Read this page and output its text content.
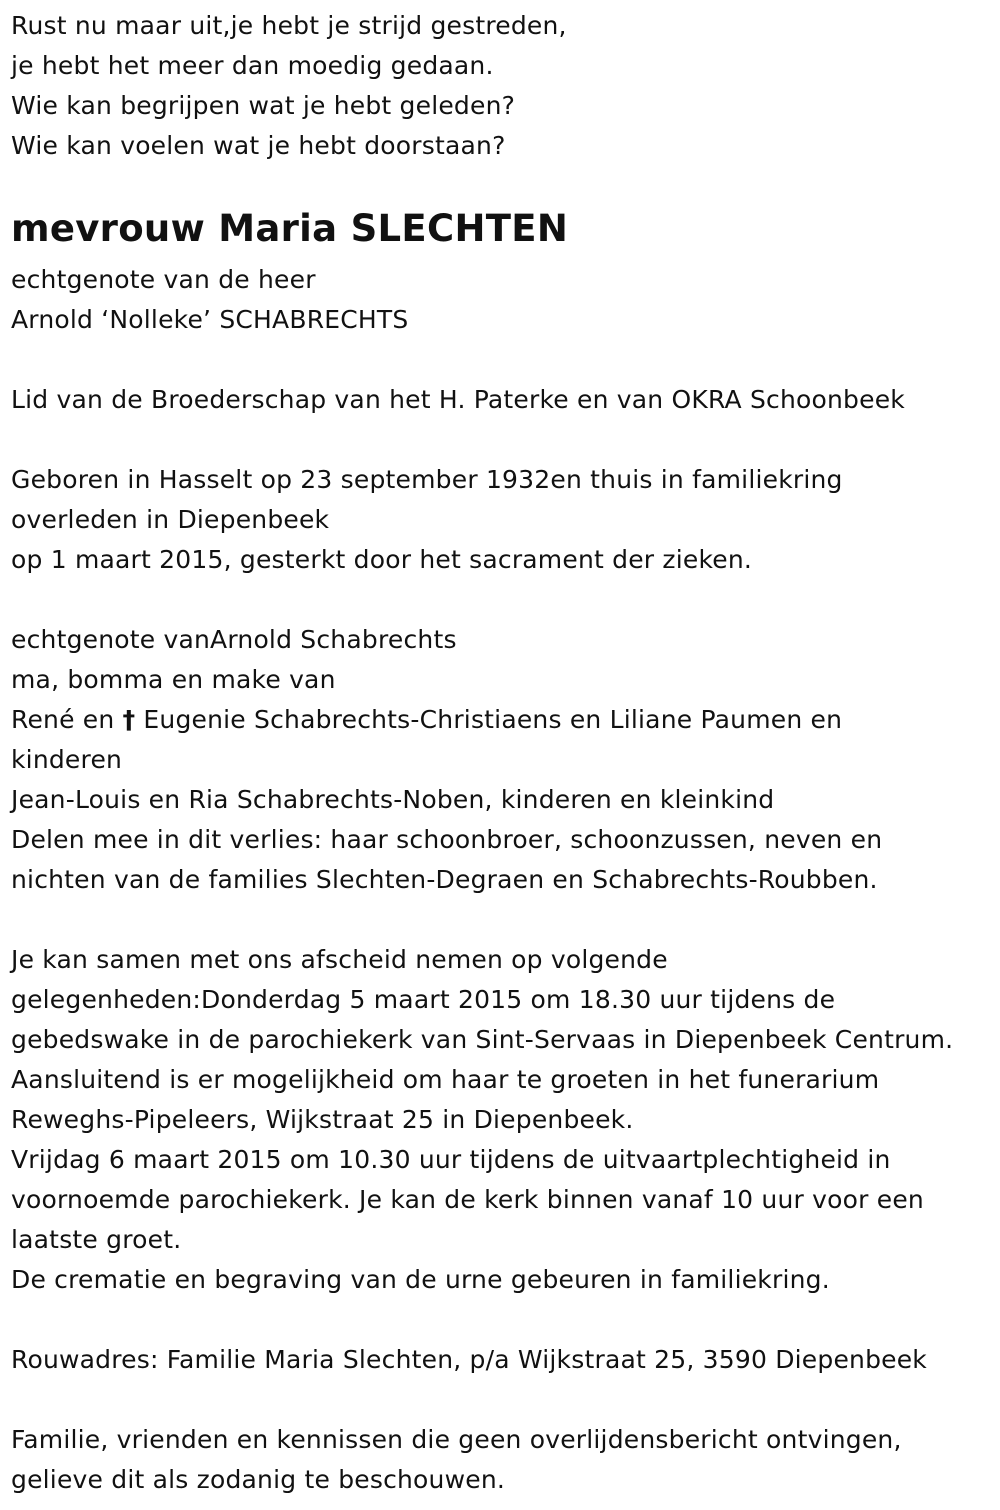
Rust nu maar uit,je hebt je strijd gestreden,
je hebt het meer dan moedig gedaan.
Wie kan begrijpen wat je hebt geleden?
Wie kan voelen wat je hebt doorstaan?
mevrouw Maria SLECHTEN
echtgenote van de heer
Arnold ‘Nolleke’ SCHABRECHTS
Lid van de Broederschap van het H. Paterke en van OKRA Schoonbeek
Geboren in Hasselt op 23 september 1932en thuis in familiekring
overleden in Diepenbeek
op 1 maart 2015, gesterkt door het sacrament der zieken.
echtgenote vanArnold Schabrechts
ma, bomma en make van
René en † Eugenie Schabrechts-Christiaens en Liliane Paumen en
kinderen
Jean-Louis en Ria Schabrechts-Noben, kinderen en kleinkind
Delen mee in dit verlies: haar schoonbroer, schoonzussen, neven en
nichten van de families Slechten-Degraen en Schabrechts-Roubben.
Je kan samen met ons afscheid nemen op volgende
gelegenheden:Donderdag 5 maart 2015 om 18.30 uur tijdens de
gebedswake in de parochiekerk van Sint-Servaas in Diepenbeek Centrum.
Aansluitend is er mogelijkheid om haar te groeten in het funerarium
Reweghs-Pipeleers, Wijkstraat 25 in Diepenbeek.
Vrijdag 6 maart 2015 om 10.30 uur tijdens de uitvaartplechtigheid in
voornoemde parochiekerk. Je kan de kerk binnen vanaf 10 uur voor een
laatste groet.
De crematie en begraving van de urne gebeuren in familiekring.
Rouwadres: Familie Maria Slechten, p/a Wijkstraat 25, 3590 Diepenbeek
Familie, vrienden en kennissen die geen overlijdensbericht ontvingen,
gelieve dit als zodanig te beschouwen.
